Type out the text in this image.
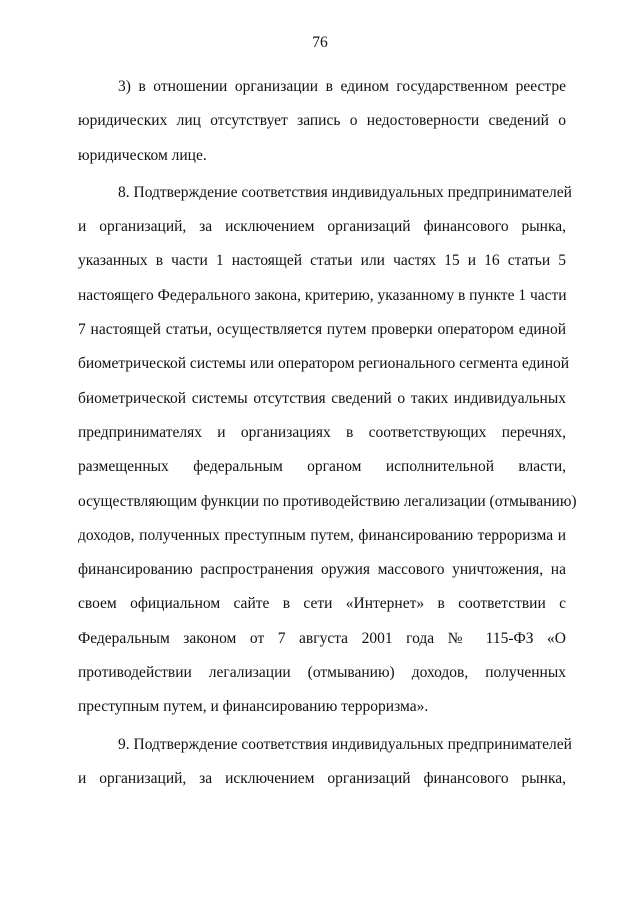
76
3) в отношении организации в едином государственном реестре
юридических лиц отсутствует запись о недостоверности сведений о
юридическом лице.
8. Подтверждение соответствия индивидуальных предпринимателей
и организаций, за исключением организаций финансового рынка,
указанных в части 1 настоящей статьи или частях 15 и 16 статьи 5
настоящего Федерального закона, критерию, указанному в пункте 1 части
7 настоящей статьи, осуществляется путем проверки оператором единой
биометрической системы или оператором регионального сегмента единой
биометрической системы отсутствия сведений о таких индивидуальных
предпринимателях и организациях в соответствующих перечнях,
размещенных федеральным органом исполнительной власти,
осуществляющим функции по противодействию легализации (отмыванию)
доходов, полученных преступным путем, финансированию терроризма и
финансированию распространения оружия массового уничтожения, на
своем официальном сайте в сети «Интернет» в соответствии с
Федеральным законом от 7 августа 2001 года № 115-ФЗ «О
противодействии легализации (отмыванию) доходов, полученных
преступным путем, и финансированию терроризма».
9. Подтверждение соответствия индивидуальных предпринимателей
и организаций, за исключением организаций финансового рынка,
